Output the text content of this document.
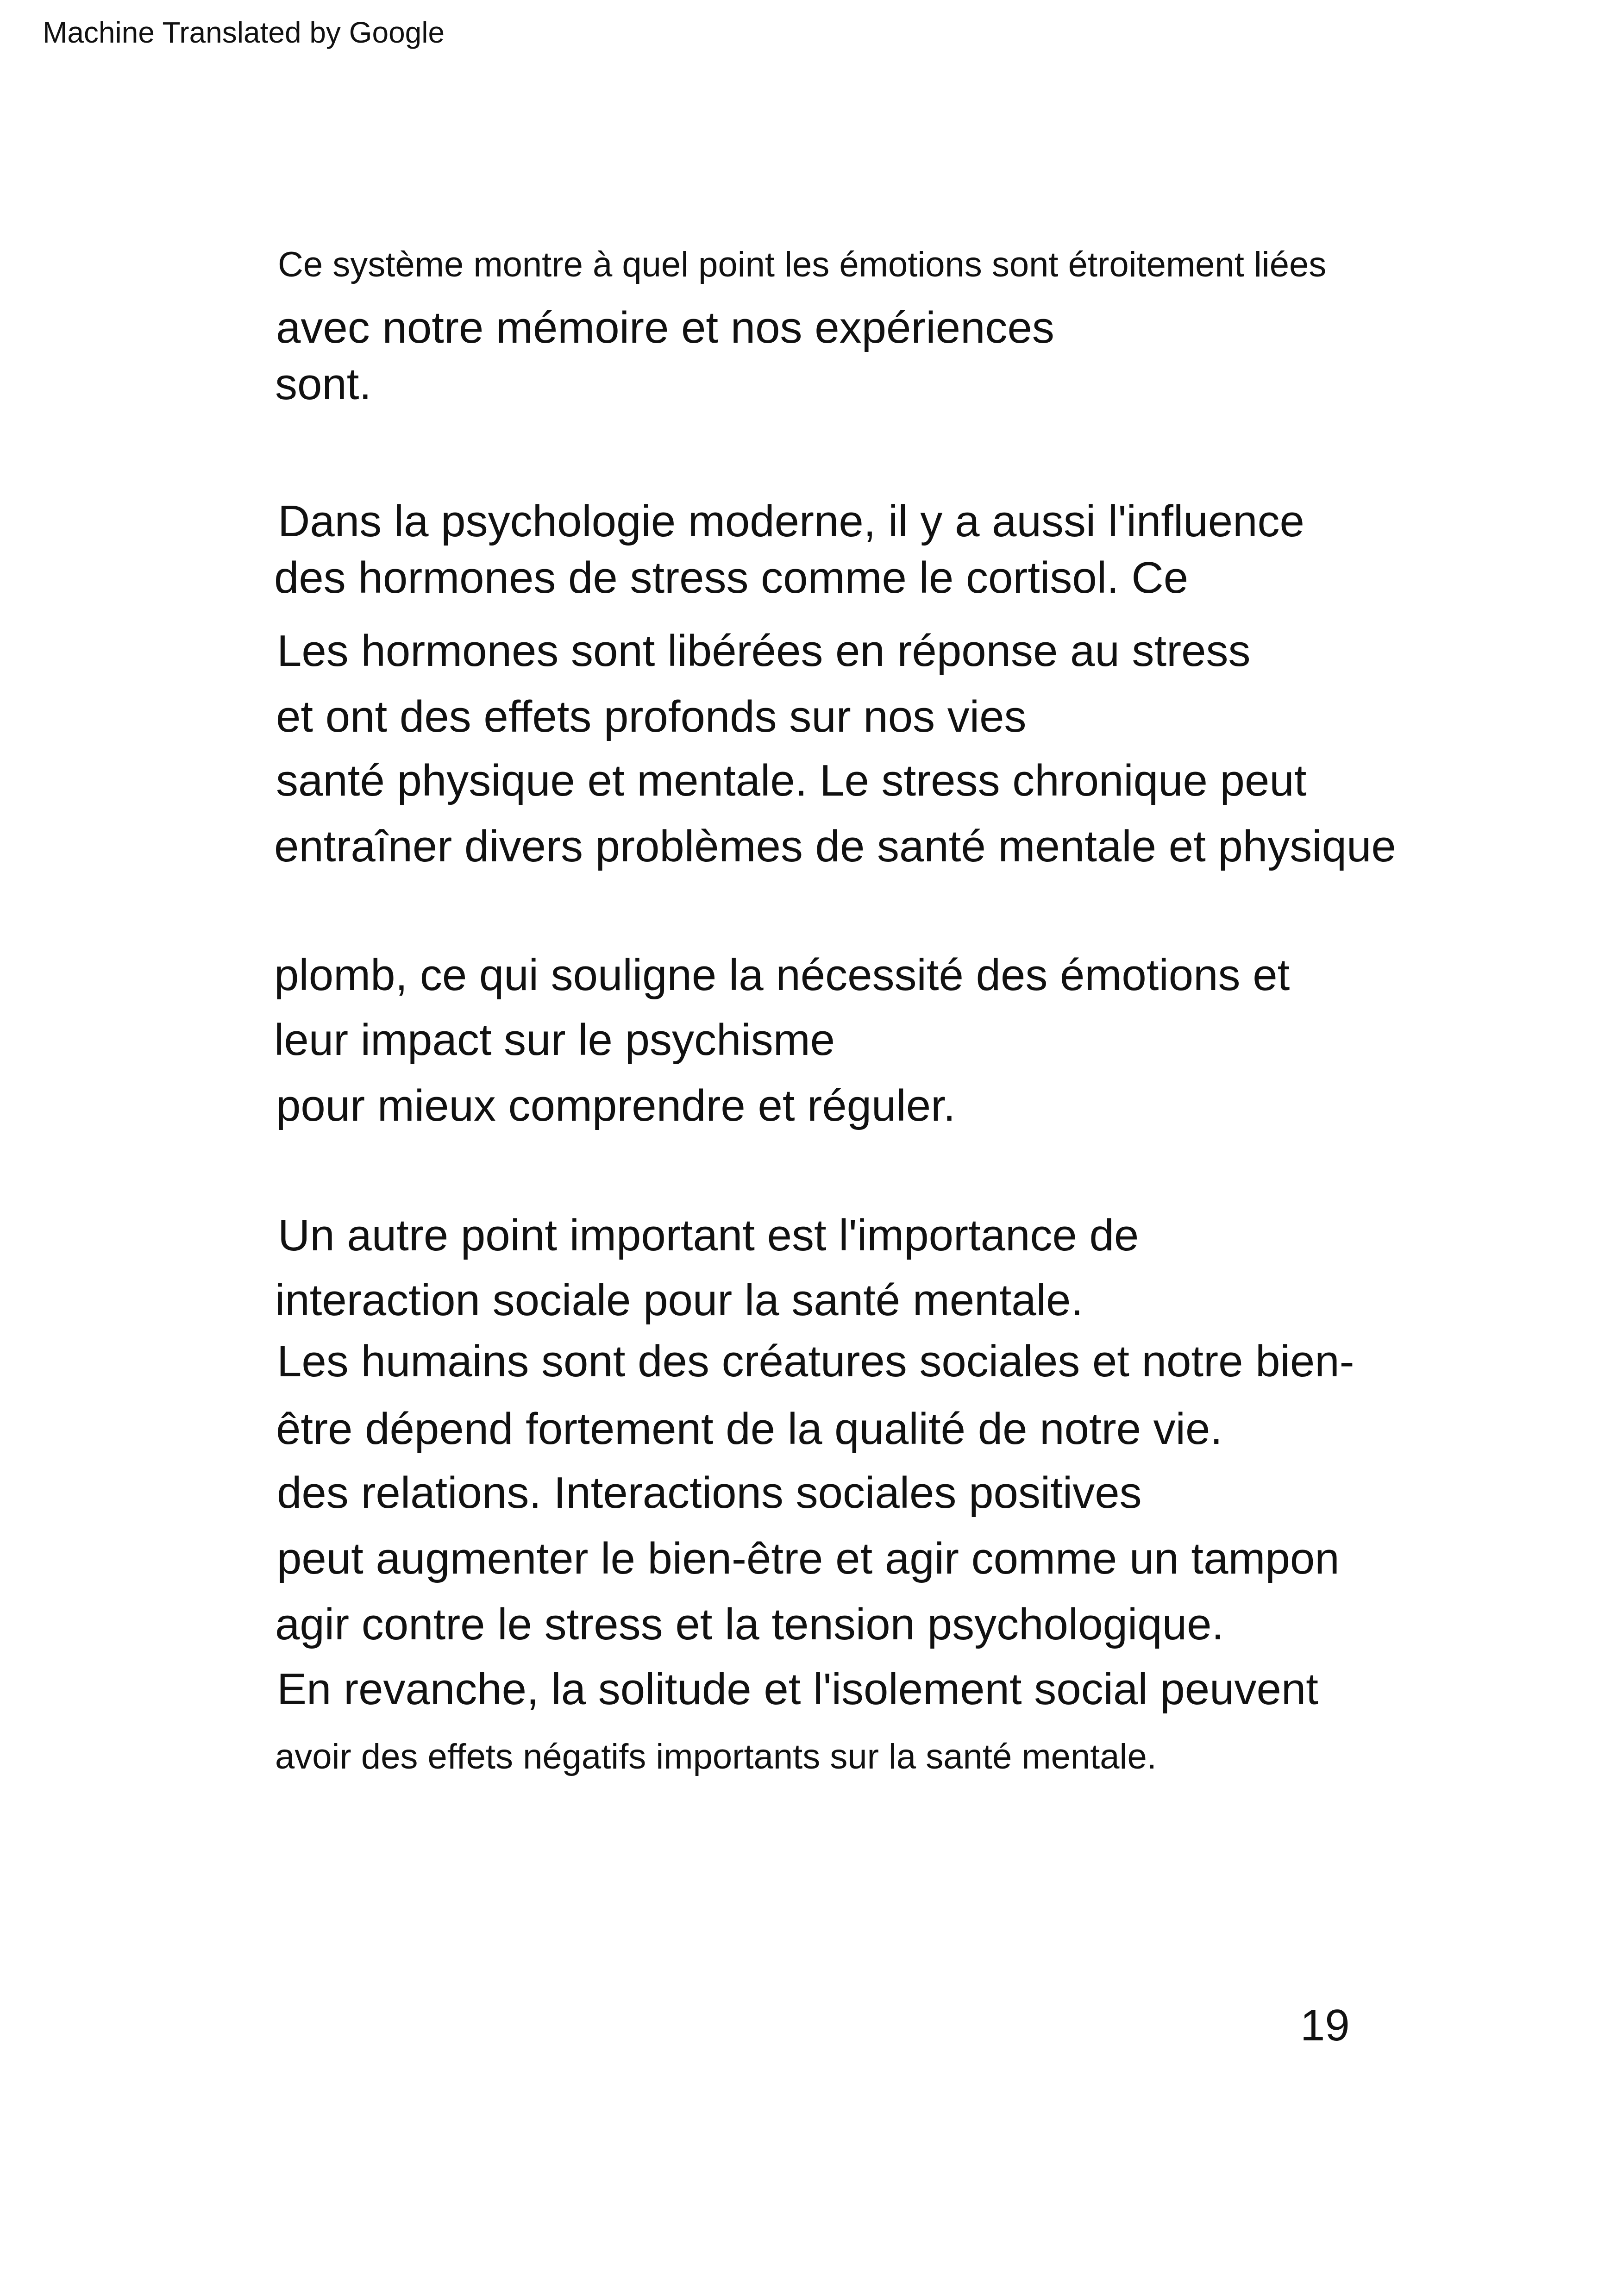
Machine Translated by Google
Ce système montre à quel point les émotions sont étroitement liées
avec notre mémoire et nos expériences
sont.
Dans la psychologie moderne, il y a aussi l'influence
des hormones de stress comme le cortisol. Ce
Les hormones sont libérées en réponse au stress
et ont des effets profonds sur nos vies
santé physique et mentale. Le stress chronique peut
entraîner divers problèmes de santé mentale et physique
plomb, ce qui souligne la nécessité des émotions et
leur impact sur le psychisme
pour mieux comprendre et réguler.
Un autre point important est l'importance de
interaction sociale pour la santé mentale.
Les humains sont des créatures sociales et notre bien-
être dépend fortement de la qualité de notre vie.
des relations. Interactions sociales positives
peut augmenter le bien-être et agir comme un tampon
agir contre le stress et la tension psychologique.
En revanche, la solitude et l'isolement social peuvent
avoir des effets négatifs importants sur la santé mentale.
19
